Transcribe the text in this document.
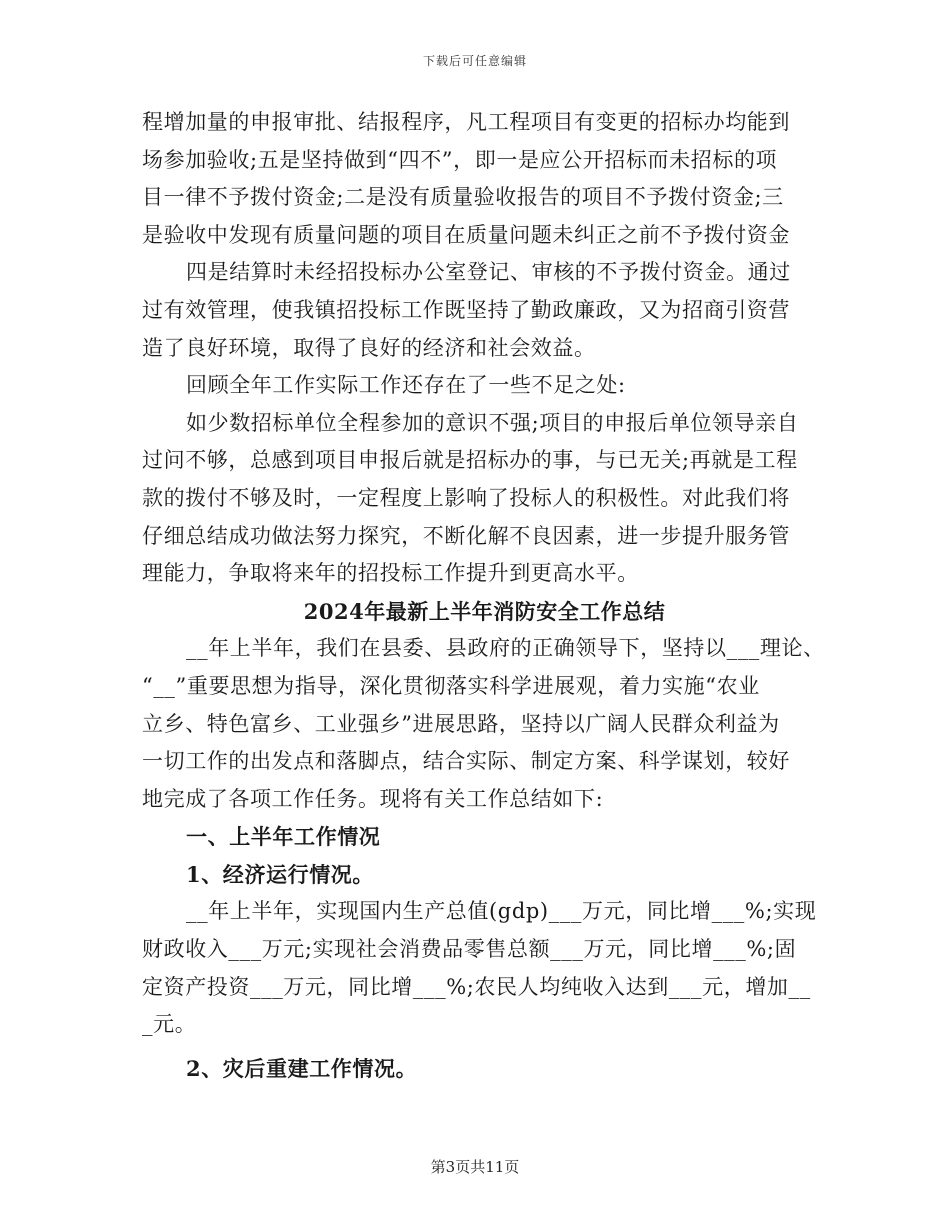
下载后可任意编辑
程增加量的申报审批、结报程序，凡工程项目有变更的招标办均能到
场参加验收;五是坚持做到“四不”，即一是应公开招标而未招标的项
目一律不予拨付资金;二是没有质量验收报告的项目不予拨付资金;三
是验收中发现有质量问题的项目在质量问题未纠正之前不予拨付资金
四是结算时未经招投标办公室登记、审核的不予拨付资金。通过
过有效管理，使我镇招投标工作既坚持了勤政廉政，又为招商引资营
造了良好环境，取得了良好的经济和社会效益。
回顾全年工作实际工作还存在了一些不足之处:
如少数招标单位全程参加的意识不强;项目的申报后单位领导亲自
过问不够，总感到项目申报后就是招标办的事，与已无关;再就是工程
款的拨付不够及时，一定程度上影响了投标人的积极性。对此我们将
仔细总结成功做法努力探究，不断化解不良因素，进一步提升服务管
理能力，争取将来年的招投标工作提升到更高水平。
2024年最新上半年消防安全工作总结
__年上半年，我们在县委、县政府的正确领导下，坚持以___理论、
“__”重要思想为指导，深化贯彻落实科学进展观，着力实施“农业
立乡、特色富乡、工业强乡”进展思路，坚持以广阔人民群众利益为
一切工作的出发点和落脚点，结合实际、制定方案、科学谋划，较好
地完成了各项工作任务。现将有关工作总结如下:
一、上半年工作情况
1、经济运行情况。
__年上半年，实现国内生产总值(gdp)___万元，同比增___%;实现
财政收入___万元;实现社会消费品零售总额___万元，同比增___%;固
定资产投资___万元，同比增___%;农民人均纯收入达到___元，增加__
_元。
2、灾后重建工作情况。
第3页共11页
